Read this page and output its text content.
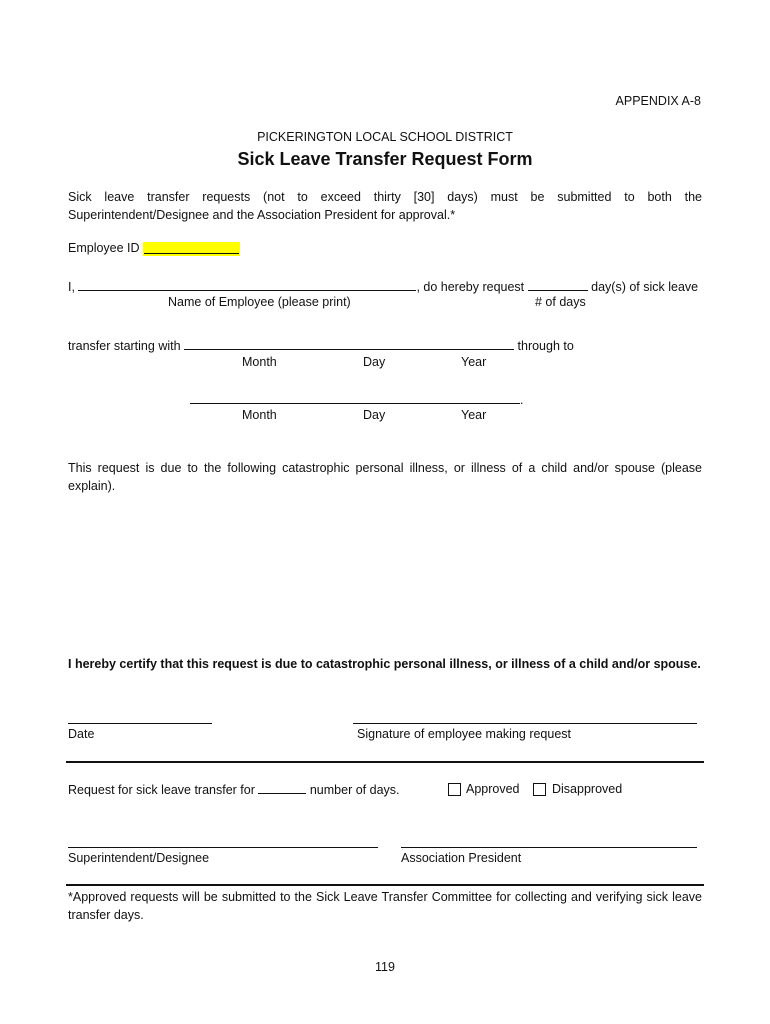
APPENDIX A-8
PICKERINGTON LOCAL SCHOOL DISTRICT
Sick Leave Transfer Request Form
Sick leave transfer requests (not to exceed thirty [30] days) must be submitted to both the Superintendent/Designee and the Association President for approval.*
Employee ID
I,	, do hereby request	day(s) of sick leave
Name of Employee (please print)	# of days
transfer starting with	through to
Month	Day	Year
.
Month	Day	Year
This request is due to the following catastrophic personal illness, or illness of a child and/or spouse (please explain).
I hereby certify that this request is due to catastrophic personal illness, or illness of a child and/or spouse.
Date	Signature of employee making request
Request for sick leave transfer for	number of days.	Approved	Disapproved
Superintendent/Designee	Association President
*Approved requests will be submitted to the Sick Leave Transfer Committee for collecting and verifying sick leave transfer days.
119
